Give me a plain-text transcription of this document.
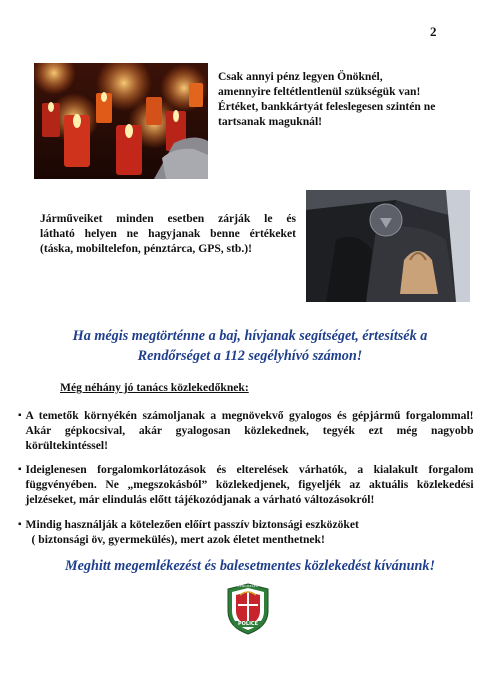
2
Csak annyi pénz legyen Önöknél,
amennyire feltétlentlenül szükségük van!
Értéket, bankkártyát feleslegesen szintén ne
tartsanak maguknál!
Járműveiket minden esetben zárják le és
látható helyen ne hagyjanak benne értékeket
(táska, mobiltelefon, pénztárca, GPS, stb.)!
Ha mégis megtörténne a baj, hívjanak segítséget, értesítsék a
Rendőrséget a 112 segélyhívó számon!
Még néhány jó tanács közlekedőknek:
▪ A temetők környékén számoljanak a megnövekvő gyalogos és gépjármű forgalommal!
Akár gépkocsival, akár gyalogosan közlekednek, tegyék ezt még nagyobb
körültekintéssel!
▪ Ideiglenesen forgalomkorlátozások és elterelések várhatók, a kialakult forgalom
függvényében. Ne „megszokásból” közlekedjenek, figyeljék az aktuális közlekedési
jelzéseket, már elindulás előtt tájékozódjanak a várható változásokról!
▪ Mindig használják a kötelezően előírt passzív biztonsági eszközöket
( biztonsági öv, gyermekülés), mert azok életet menthetnek!
Meghitt megemlékezést és balesetmentes közlekedést kívánunk!
RENDŐRSÉG
POLICE
